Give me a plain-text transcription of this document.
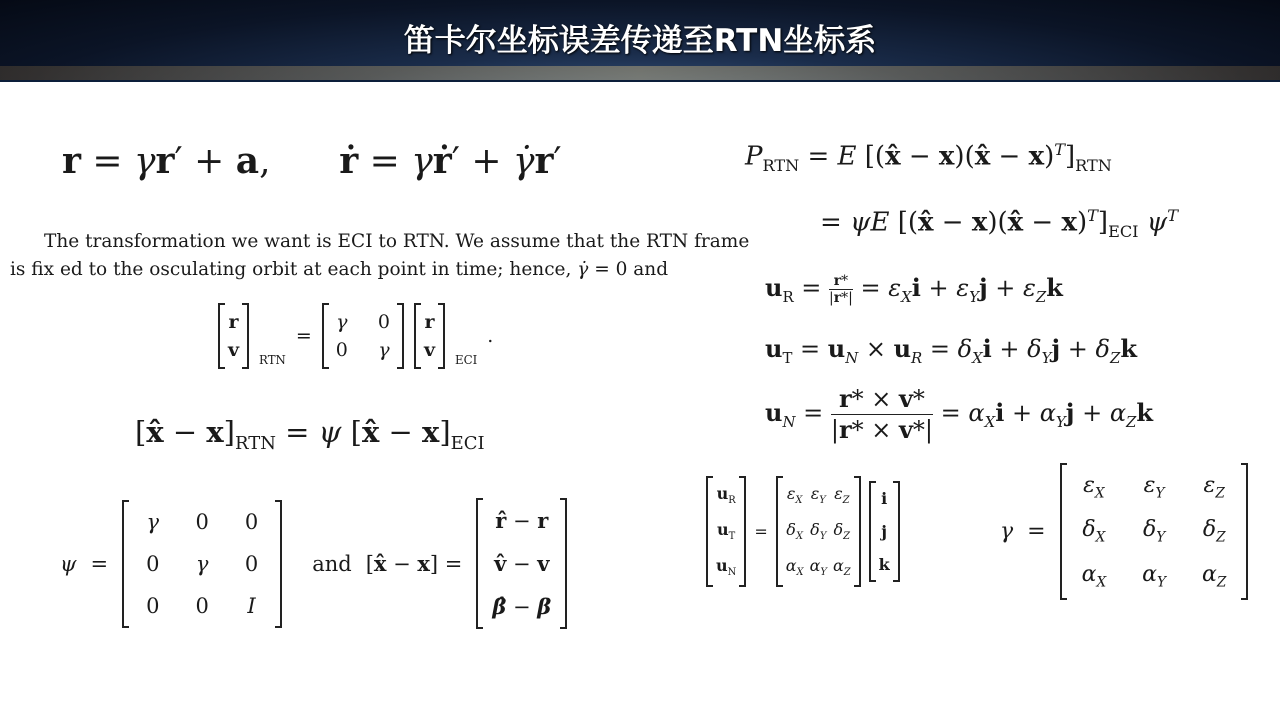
笛卡尔坐标误差传递至RTN坐标系
r = γr′ + a,      ṙ = γṙ′ + γ̇r′
The transformation we want is ECI to RTN. We assume that the RTN frame
is fix ed to the osculating orbit at each point in time; hence, γ̇ = 0 and
r
v $_{RTN}$
=
γ 0
0 γ
r
v $_{ECI}$
.
[x̂ − $x]_{RTN} = \psi$ [x̂ − $x]_{ECI}$
ψ =
γ 0 0
0 γ 0
0 0 I
and [x̂ − x] =
r̂ − r
v̂ − v
β̂ − β
$P_{RTN} = E$ [(x̂ − x)(x̂ − $x)^T]_{RTN}$
= ψE [(x̂ − x)(x̂ − $x)^T]_{ECI}$ $\psi^T$
$u_R = r*$
$|r*| = \varepsilon_Xi + \varepsilon_Yj + \varepsilon_Zk$
$u_T = u_N \times u_R = \delta_Xi + \delta_Yj + \delta_Zk$
$u_N = r* \times v*$
$|r* \times v*| = \alpha_Xi + \alpha_Yj + \alpha_Zk$
$u_R$
$u_T$
$u_N$
=
$\varepsilon_X$ $\varepsilon_Y$ $\varepsilon_Z$
$\delta_X$ $\delta_Y$ $\delta_Z$
$\alpha_X$ $\alpha_Y$ $\alpha_Z$
i
j
k
γ =
$\varepsilon_X$ $\varepsilon_Y$ $\varepsilon_Z$
$\delta_X$ $\delta_Y$ $\delta_Z$
$\alpha_X$ $\alpha_Y$ $\alpha_Z$
